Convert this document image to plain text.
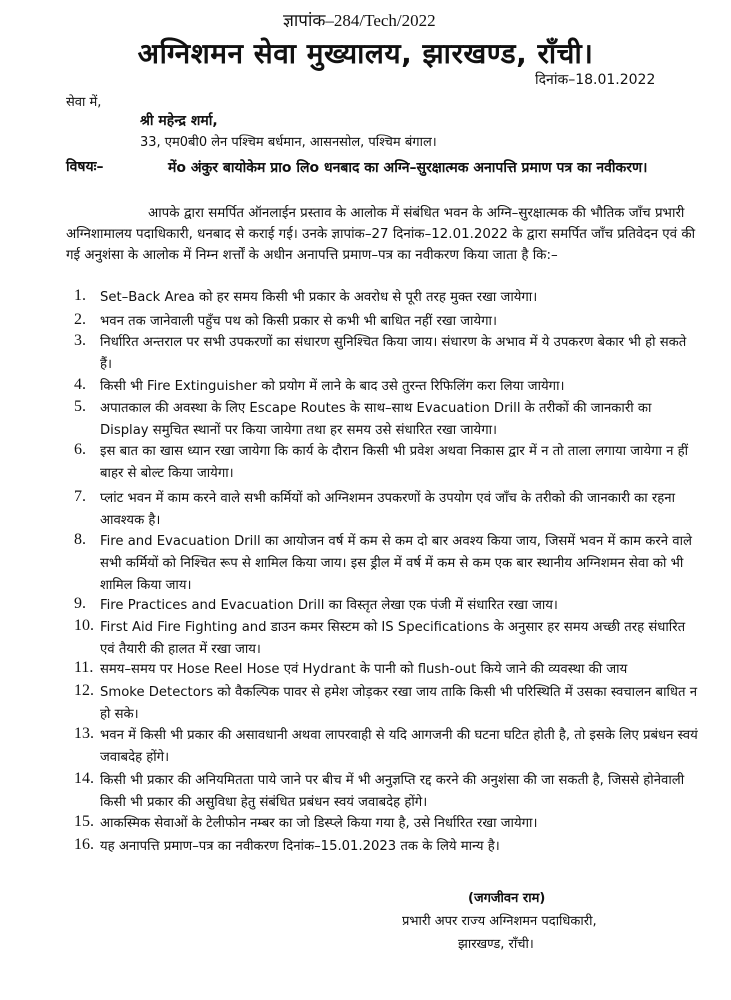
ज्ञापांक–284/Tech/2022
अग्निशमन सेवा मुख्यालय, झारखण्ड, राँची।
दिनांक–18.01.2022
सेवा में,
श्री महेन्द्र शर्मा,
33, एम0बी0 लेन पश्चिम बर्धमान, आसनसोल, पश्चिम बंगाल।
विषयः–	मेंo अंकुर बायोकेम प्राo लिo धनबाद का अग्नि–सुरक्षात्मक अनापत्ति प्रमाण पत्र का नवीकरण।
आपके द्वारा समर्पित ऑनलाईन प्रस्ताव के आलोक में संबंधित भवन के अग्नि–सुरक्षात्मक की भौतिक जाँच प्रभारी अग्निशामालय पदाधिकारी, धनबाद से कराई गई। उनके ज्ञापांक–27 दिनांक–12.01.2022 के द्वारा समर्पित जाँच प्रतिवेदन एवं की गई अनुशंसा के आलोक में निम्न शर्त्तों के अधीन अनापत्ति प्रमाण–पत्र का नवीकरण किया जाता है कि:–
1. Set–Back Area को हर समय किसी भी प्रकार के अवरोध से पूरी तरह मुक्त रखा जायेगा।
2. भवन तक जानेवाली पहुँच पथ को किसी प्रकार से कभी भी बाधित नहीं रखा जायेगा।
3. निर्धारित अन्तराल पर सभी उपकरणों का संधारण सुनिश्चित किया जाय। संधारण के अभाव में ये उपकरण बेकार भी हो सकते हैं।
4. किसी भी Fire Extinguisher को प्रयोग में लाने के बाद उसे तुरन्त रिफिलिंग करा लिया जायेगा।
5. अपातकाल की अवस्था के लिए Escape Routes के साथ–साथ Evacuation Drill के तरीकों की जानकारी का Display समुचित स्थानों पर किया जायेगा तथा हर समय उसे संधारित रखा जायेगा।
6. इस बात का खास ध्यान रखा जायेगा कि कार्य के दौरान किसी भी प्रवेश अथवा निकास द्वार में न तो ताला लगाया जायेगा न हीं बाहर से बोल्ट किया जायेगा।
7. प्लांट भवन में काम करने वाले सभी कर्मियों को अग्निशमन उपकरणों के उपयोग एवं जाँच के तरीको की जानकारी का रहना आवश्यक है।
8. Fire and Evacuation Drill का आयोजन वर्ष में कम से कम दो बार अवश्य किया जाय, जिसमें भवन में काम करने वाले सभी कर्मियों को निश्चित रूप से शामिल किया जाय। इस ड्रील में वर्ष में कम से कम एक बार स्थानीय अग्निशमन सेवा को भी शामिल किया जाय।
9. Fire Practices and Evacuation Drill का विस्तृत लेखा एक पंजी में संधारित रखा जाय।
10. First Aid Fire Fighting and डाउन कमर सिस्टम को IS Specifications के अनुसार हर समय अच्छी तरह संधारित एवं तैयारी की हालत में रखा जाय।
11. समय–समय पर Hose Reel Hose एवं Hydrant के पानी को flush-out किये जाने की व्यवस्था की जाय
12. Smoke Detectors को वैकल्पिक पावर से हमेश जोड़कर रखा जाय ताकि किसी भी परिस्थिति में उसका स्वचालन बाधित न हो सके।
13. भवन में किसी भी प्रकार की असावधानी अथवा लापरवाही से यदि आगजनी की घटना घटित होती है, तो इसके लिए प्रबंधन स्वयं जवाबदेह होंगे।
14. किसी भी प्रकार की अनियमितता पाये जाने पर बीच में भी अनुज्ञप्ति रद्द करने की अनुशंसा की जा सकती है, जिससे होनेवाली किसी भी प्रकार की असुविधा हेतु संबंधित प्रबंधन स्वयं जवाबदेह होंगे।
15. आकस्मिक सेवाओं के टेलीफोन नम्बर का जो डिस्प्ले किया गया है, उसे निर्धारित रखा जायेगा।
16. यह अनापत्ति प्रमाण–पत्र का नवीकरण दिनांक–15.01.2023 तक के लिये मान्य है।
(जगजीवन राम)
प्रभारी अपर राज्य अग्निशमन पदाधिकारी,
झारखण्ड, राँची।
